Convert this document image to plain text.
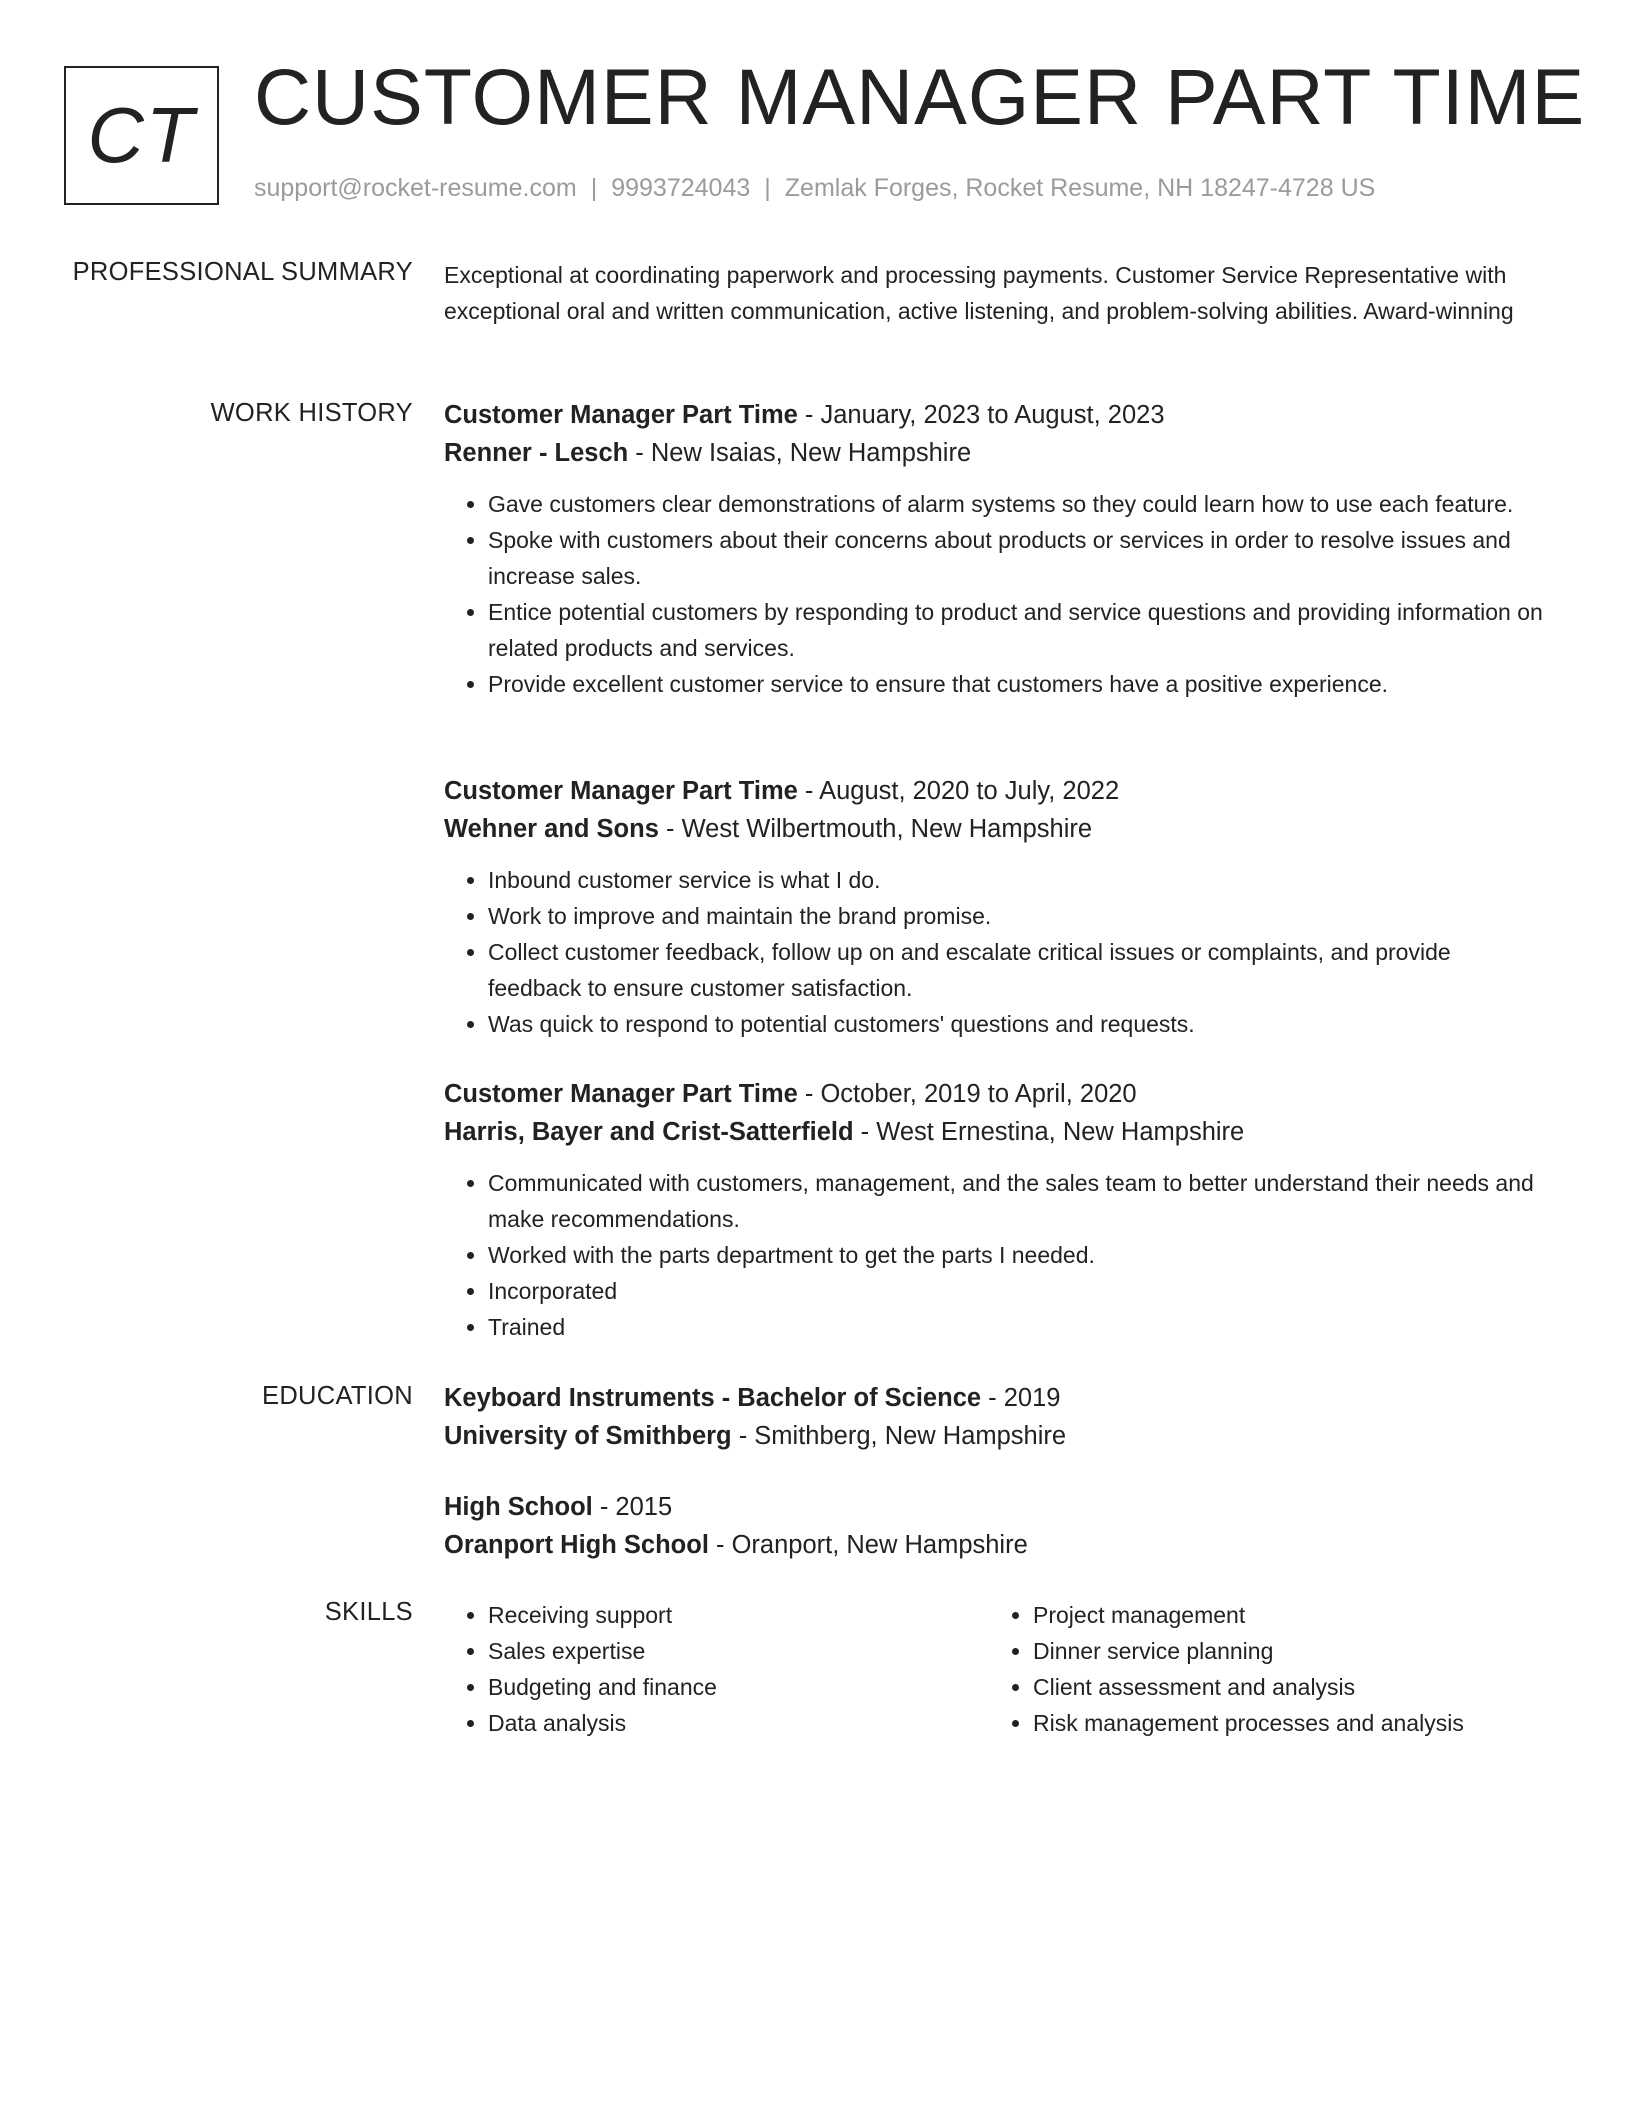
CT CUSTOMER MANAGER PART TIME
support@rocket-resume.com | 9993724043 | Zemlak Forges, Rocket Resume, NH 18247-4728 US
PROFESSIONAL SUMMARY Exceptional at coordinating paperwork and processing payments. Customer Service Representative with exceptional oral and written communication, active listening, and problem-solving abilities. Award-winning
WORK HISTORY Customer Manager Part Time - January, 2023 to August, 2023
Renner - Lesch - New Isaias, New Hampshire
• Gave customers clear demonstrations of alarm systems so they could learn how to use each feature.
• Spoke with customers about their concerns about products or services in order to resolve issues and increase sales.
• Entice potential customers by responding to product and service questions and providing information on related products and services.
• Provide excellent customer service to ensure that customers have a positive experience.
Customer Manager Part Time - August, 2020 to July, 2022
Wehner and Sons - West Wilbertmouth, New Hampshire
• Inbound customer service is what I do.
• Work to improve and maintain the brand promise.
• Collect customer feedback, follow up on and escalate critical issues or complaints, and provide feedback to ensure customer satisfaction.
• Was quick to respond to potential customers' questions and requests.
Customer Manager Part Time - October, 2019 to April, 2020
Harris, Bayer and Crist-Satterfield - West Ernestina, New Hampshire
• Communicated with customers, management, and the sales team to better understand their needs and make recommendations.
• Worked with the parts department to get the parts I needed.
• Incorporated
• Trained
EDUCATION Keyboard Instruments - Bachelor of Science - 2019
University of Smithberg - Smithberg, New Hampshire
High School - 2015
Oranport High School - Oranport, New Hampshire
SKILLS
•	Receiving support
• Sales expertise
• Budgeting and finance
• Data analysis
• Project management
• Dinner service planning
• Client assessment and analysis
• Risk management processes and analysis
